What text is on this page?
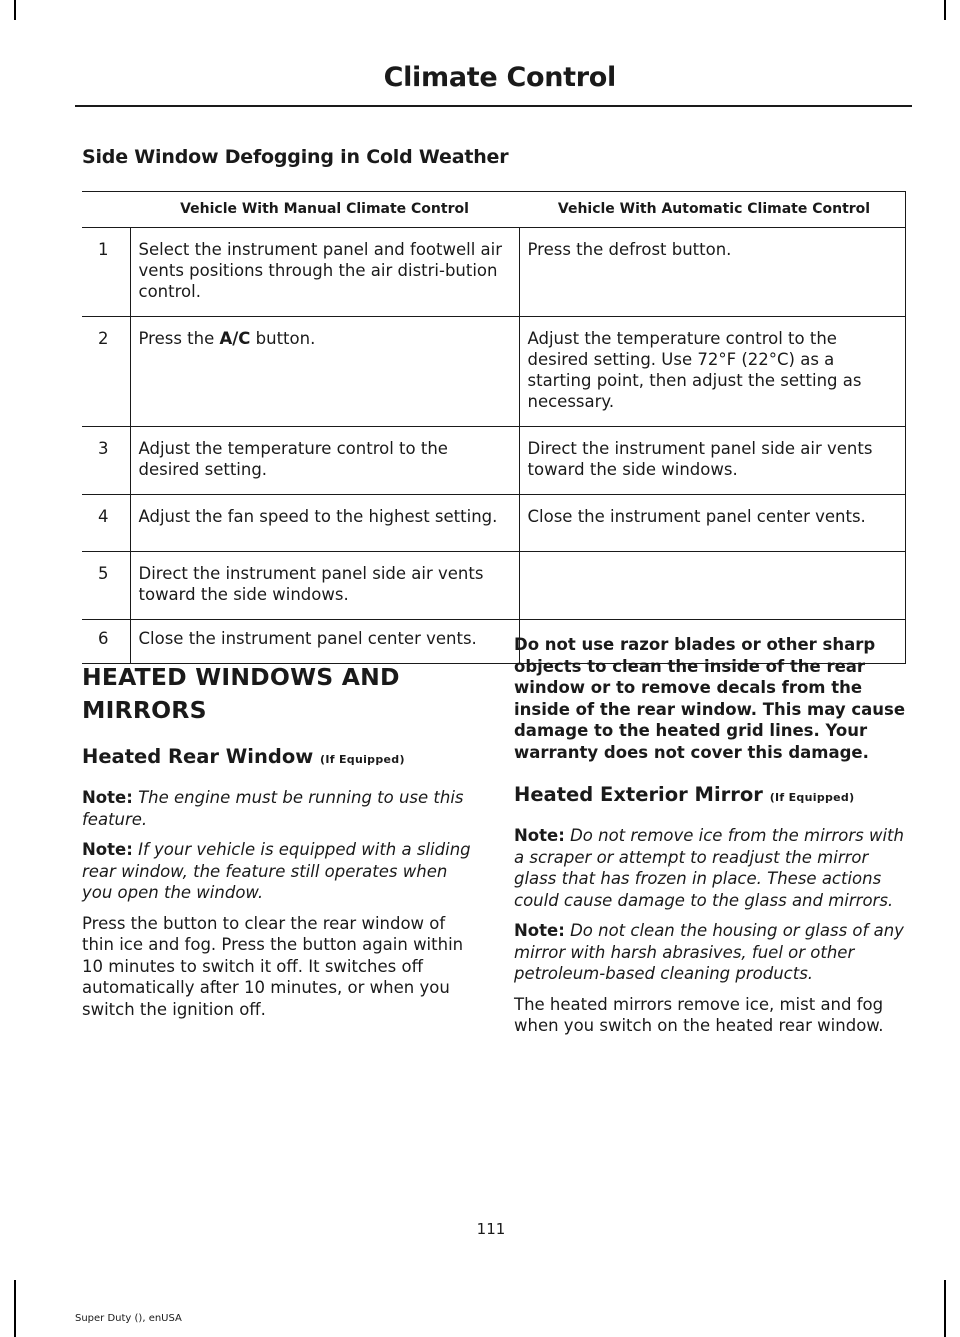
Climate Control
Side Window Defogging in Cold Weather
	Vehicle With Manual Climate Control	Vehicle With Automatic Climate Control
1	Select the instrument panel and footwell air vents positions through the air distri-bution control.	Press the defrost button.
2	Press the A/C button.	Adjust the temperature control to the desired setting. Use 72°F (22°C) as a starting point, then adjust the setting as necessary.
3	Adjust the temperature control to the desired setting.	Direct the instrument panel side air vents toward the side windows.
4	Adjust the fan speed to the highest setting.	Close the instrument panel center vents.
5	Direct the instrument panel side air vents toward the side windows.	
6	Close the instrument panel center vents.	
HEATED WINDOWS AND
MIRRORS
Heated Rear Window (If Equipped)

Note: The engine must be running to use this feature.

Note: If your vehicle is equipped with a sliding rear window, the feature still operates when you open the window.

Press the button to clear the rear window of thin ice and fog. Press the button again within 10 minutes to switch it off. It switches off automatically after 10 minutes, or when you switch the ignition off.

Do not use razor blades or other sharp objects to clean the inside of the rear window or to remove decals from the inside of the rear window. This may cause damage to the heated grid lines. Your warranty does not cover this damage.

Heated Exterior Mirror (If Equipped)

Note: Do not remove ice from the mirrors with a scraper or attempt to readjust the mirror glass that has frozen in place. These actions could cause damage to the glass and mirrors.

Note: Do not clean the housing or glass of any mirror with harsh abrasives, fuel or other petroleum-based cleaning products.

The heated mirrors remove ice, mist and fog when you switch on the heated rear window.

111
Super Duty (), enUSA
